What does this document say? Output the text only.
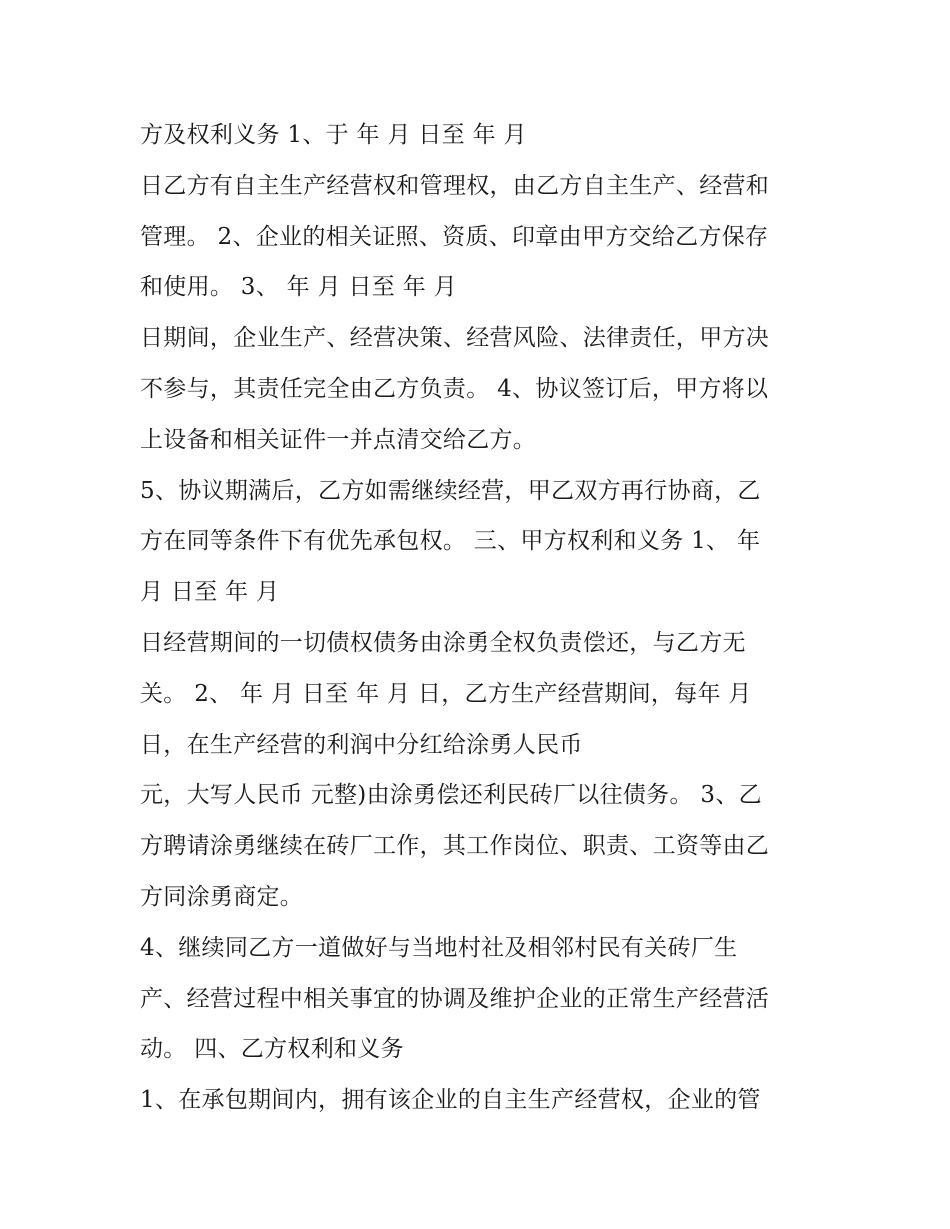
方及权利义务 1、于 年 月 日至 年 月
日乙方有自主生产经营权和管理权，由乙方自主生产、经营和
管理。 2、企业的相关证照、资质、印章由甲方交给乙方保存
和使用。 3、 年 月 日至 年 月
日期间，企业生产、经营决策、经营风险、法律责任，甲方决
不参与，其责任完全由乙方负责。 4、协议签订后，甲方将以
上设备和相关证件一并点清交给乙方。
5、协议期满后，乙方如需继续经营，甲乙双方再行协商，乙
方在同等条件下有优先承包权。 三、甲方权利和义务 1、 年
月 日至 年 月
日经营期间的一切债权债务由涂勇全权负责偿还，与乙方无
关。 2、 年 月 日至 年 月 日，乙方生产经营期间，每年 月
日，在生产经营的利润中分红给涂勇人民币
元，大写人民币 元整)由涂勇偿还利民砖厂以往债务。 3、乙
方聘请涂勇继续在砖厂工作，其工作岗位、职责、工资等由乙
方同涂勇商定。
4、继续同乙方一道做好与当地村社及相邻村民有关砖厂生
产、经营过程中相关事宜的协调及维护企业的正常生产经营活
动。 四、乙方权利和义务
1、在承包期间内，拥有该企业的自主生产经营权，企业的管
